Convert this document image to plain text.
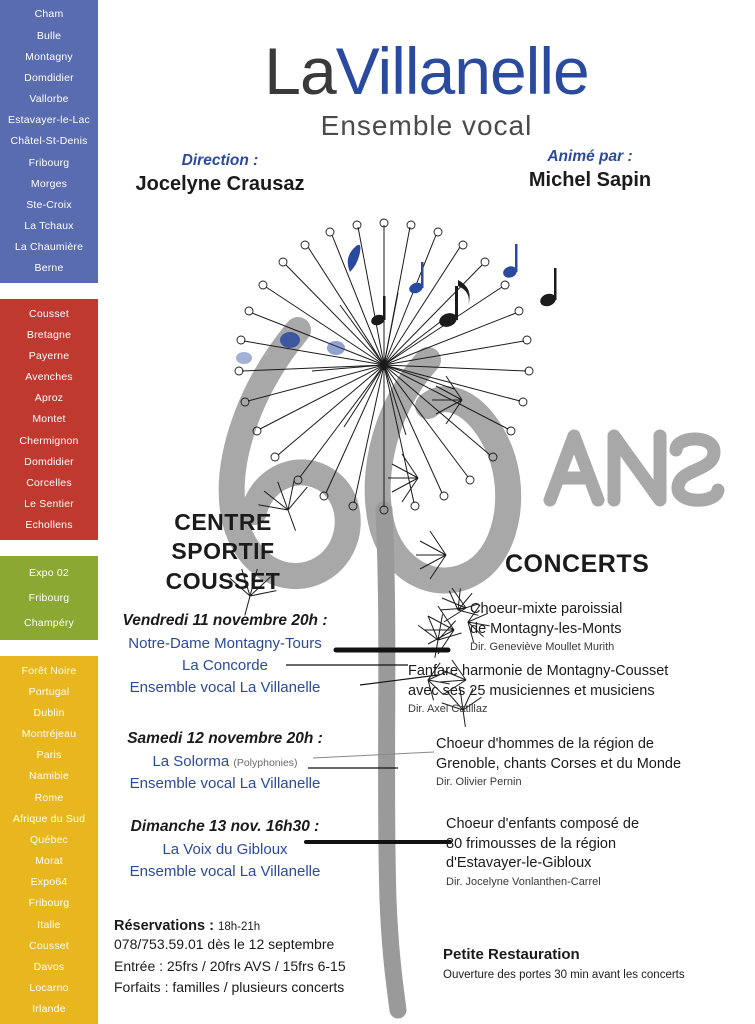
Cham
Bulle
Montagny
Domdidier
Vallorbe
Estavayer-le-Lac
Châtel-St-Denis
Fribourg
Morges
Ste-Croix
La Tchaux
La Chaumière
Berne
Cousset
Bretagne
Payerne
Avenches
Aproz
Montet
Chermignon
Domdidier
Corcelles
Le Sentier
Echollens
Expo 02
Fribourg
Champéry
Forêt Noire
Portugal
Dublin
Montréjeau
Paris
Namibie
Rome
Afrique du Sud
Québec
Morat
Expo64
Fribourg
Italie
Cousset
Davos
Locarno
Irlande
LaVillanelle
Ensemble vocal
Direction :
Jocelyne Crausaz
Animé par :
Michel Sapin
CENTRE
SPORTIF
COUSSET
CONCERTS
Vendredi 11 novembre 20h :
Notre-Dame Montagny-Tours
La Concorde
Ensemble vocal La Villanelle
Samedi 12 novembre 20h :
La Solorma (Polyphonies)
Ensemble vocal La Villanelle
Dimanche 13 nov. 16h30 :
La Voix du Gibloux
Ensemble vocal La Villanelle
Choeur-mixte paroissial
de Montagny-les-Monts
Dir. Geneviève Moullet Murith
Fanfare harmonie de Montagny-Cousset
avec ses 25 musiciennes et musiciens
Dir. Axel Catillaz
Choeur d'hommes de la région de
Grenoble, chants Corses et du Monde
Dir. Olivier Pernin
Choeur d'enfants composé de
80 frimousses de la région
d'Estavayer-le-Gibloux
Dir. Jocelyne Vonlanthen-Carrel
Réservations : 18h-21h
078/753.59.01 dès le 12 septembre
Entrée : 25frs / 20frs AVS / 15frs 6-15
Forfaits : familles / plusieurs concerts
Petite Restauration
Ouverture des portes 30 min avant les concerts
